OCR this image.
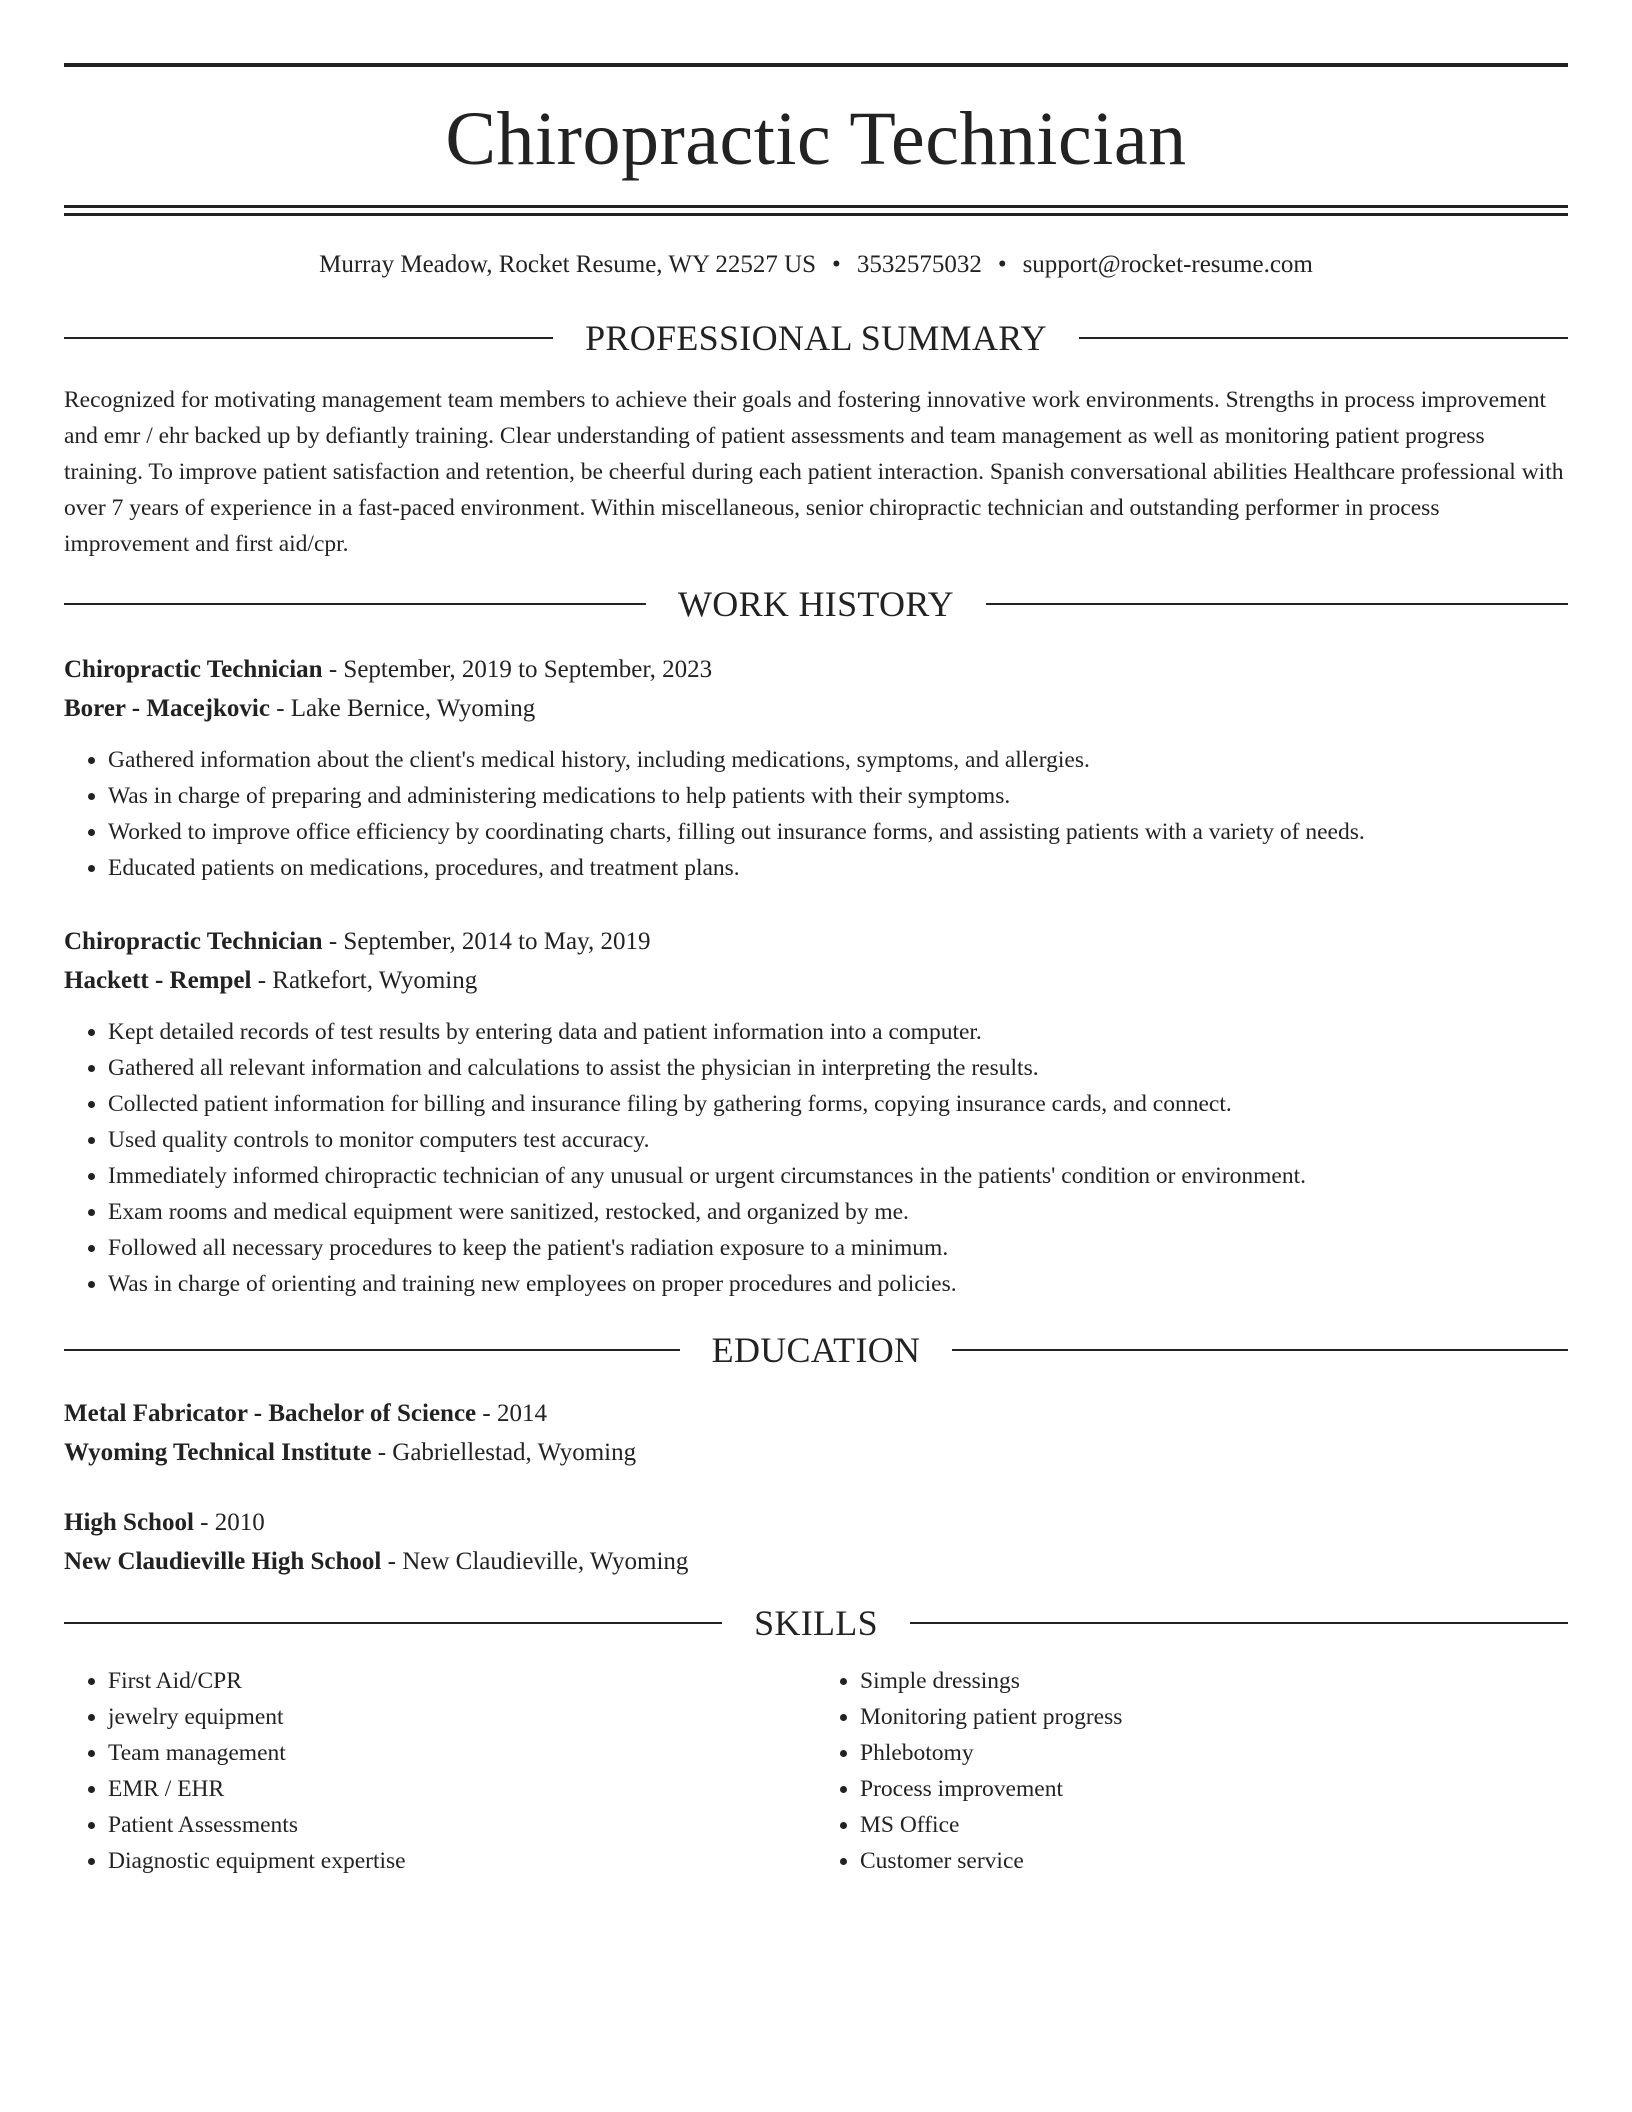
Chiropractic Technician
Murray Meadow, Rocket Resume, WY 22527 US • 3532575032 • support@rocket-resume.com
PROFESSIONAL SUMMARY

Recognized for motivating management team members to achieve their goals and fostering innovative work environments. Strengths in process improvement and emr / ehr backed up by defiantly training. Clear understanding of patient assessments and team management as well as monitoring patient progress training. To improve patient satisfaction and retention, be cheerful during each patient interaction. Spanish conversational abilities Healthcare professional with over 7 years of experience in a fast-paced environment. Within miscellaneous, senior chiropractic technician and outstanding performer in process improvement and first aid/cpr.

WORK HISTORY
Chiropractic Technician - September, 2019 to September, 2023
Borer - Macejkovic - Lake Bernice, Wyoming
• Gathered information about the client's medical history, including medications, symptoms, and allergies.
• Was in charge of preparing and administering medications to help patients with their symptoms.
• Worked to improve office efficiency by coordinating charts, filling out insurance forms, and assisting patients with a variety of needs.
• Educated patients on medications, procedures, and treatment plans.
Chiropractic Technician - September, 2014 to May, 2019
Hackett - Rempel - Ratkefort, Wyoming
• Kept detailed records of test results by entering data and patient information into a computer.
• Gathered all relevant information and calculations to assist the physician in interpreting the results.
• Collected patient information for billing and insurance filing by gathering forms, copying insurance cards, and connect.
• Used quality controls to monitor computers test accuracy.
• Immediately informed chiropractic technician of any unusual or urgent circumstances in the patients' condition or environment.
• Exam rooms and medical equipment were sanitized, restocked, and organized by me.
• Followed all necessary procedures to keep the patient's radiation exposure to a minimum.
• Was in charge of orienting and training new employees on proper procedures and policies.
EDUCATION
Metal Fabricator - Bachelor of Science - 2014
Wyoming Technical Institute - Gabriellestad, Wyoming
High School - 2010
New Claudieville High School - New Claudieville, Wyoming
SKILLS
• First Aid/CPR
• jewelry equipment
• Team management
• EMR / EHR
• Patient Assessments
• Diagnostic equipment expertise
• Simple dressings
• Monitoring patient progress
• Phlebotomy
• Process improvement
• MS Office
• Customer service
